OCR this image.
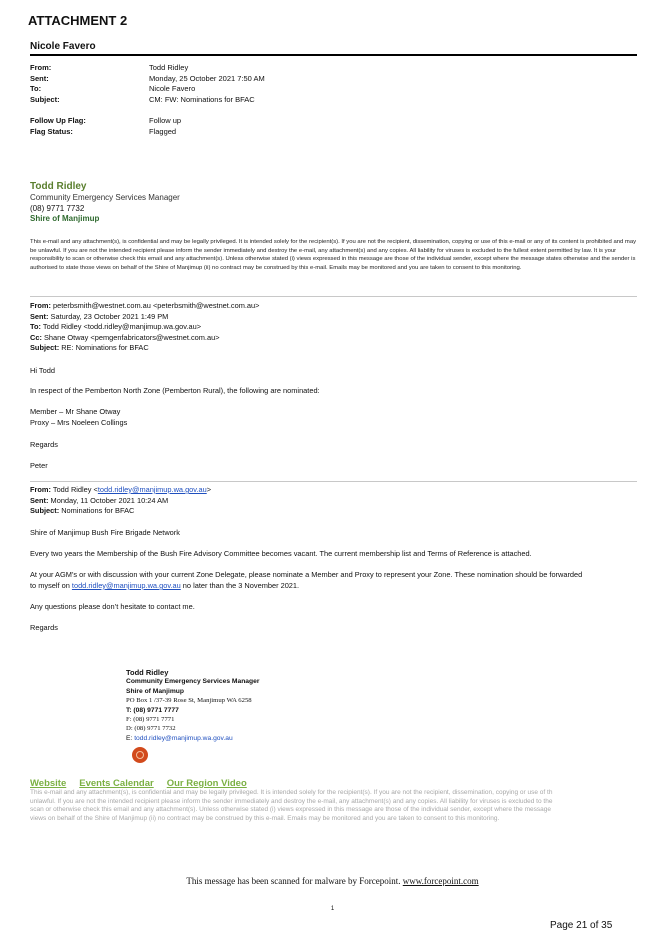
ATTACHMENT 2
Nicole Favero
From:	Todd Ridley
Sent:	Monday, 25 October 2021 7:50 AM
To:	Nicole Favero
Subject:	CM: FW: Nominations for BFAC
Follow Up Flag:	Follow up
Flag Status:	Flagged
Todd Ridley
Community Emergency Services Manager
(08) 9771 7732
Shire of Manjimup
This e-mail and any attachment(s), is confidential and may be legally privileged. It is intended solely for the recipient(s). If you are not the recipient, dissemination, copying or use of this e-mail or any of its content is prohibited and may be unlawful. If you are not the intended recipient please inform the sender immediately and destroy the e-mail, any attachment(s) and any copies. All liability for viruses is excluded to the fullest extent permitted by law. It is your responsibility to scan or otherwise check this email and any attachment(s). Unless otherwise stated (i) views expressed in this message are those of the individual sender, except where the message states otherwise and the sender is authorised to state those views on behalf of the Shire of Manjimup (ii) no contract may be construed by this e-mail. Emails may be monitored and you are taken to consent to this monitoring.
From: peterbsmith@westnet.com.au <peterbsmith@westnet.com.au>
Sent: Saturday, 23 October 2021 1:49 PM
To: Todd Ridley <todd.ridley@manjimup.wa.gov.au>
Cc: Shane Otway <pemgenfabricators@westnet.com.au>
Subject: RE: Nominations for BFAC
Hi Todd
In respect of the Pemberton North Zone (Pemberton Rural), the following are nominated:
Member – Mr Shane Otway
Proxy – Mrs Noeleen Collings
Regards
Peter
From: Todd Ridley <todd.ridley@manjimup.wa.gov.au>
Sent: Monday, 11 October 2021 10:24 AM
Subject: Nominations for BFAC
Shire of Manjimup Bush Fire Brigade Network
Every two years the Membership of the Bush Fire Advisory Committee becomes vacant. The current membership list and Terms of Reference is attached.
At your AGM’s or with discussion with your current Zone Delegate, please nominate a Member and Proxy to represent your Zone. These nomination should be forwarded
to myself on todd.ridley@manjimup.wa.gov.au no later than the 3 November 2021.
Any questions please don’t hesitate to contact me.
Regards
Todd Ridley
Community Emergency Services Manager
Shire of Manjimup
PO Box 1 /37-39 Rose St, Manjimup WA 6258
T: (08) 9771 7777
F: (08) 9771 7771
D: (08) 9771 7732
E: todd.ridley@manjimup.wa.gov.au
Website Events Calendar Our Region Video
This e-mail and any attachment(s), is confidential and may be legally privileged. It is intended solely for the recipient(s). If you are not the recipient, dissemination, copying or use of th
unlawful. If you are not the intended recipient please inform the sender immediately and destroy the e-mail, any attachment(s) and any copies. All liability for viruses is excluded to the
scan or otherwise check this email and any attachment(s). Unless otherwise stated (i) views expressed in this message are those of the individual sender, except where the message
views on behalf of the Shire of Manjimup (ii) no contract may be construed by this e-mail. Emails may be monitored and you are taken to consent to this monitoring.
This message has been scanned for malware by Forcepoint. www.forcepoint.com
1
Page 21 of 35
